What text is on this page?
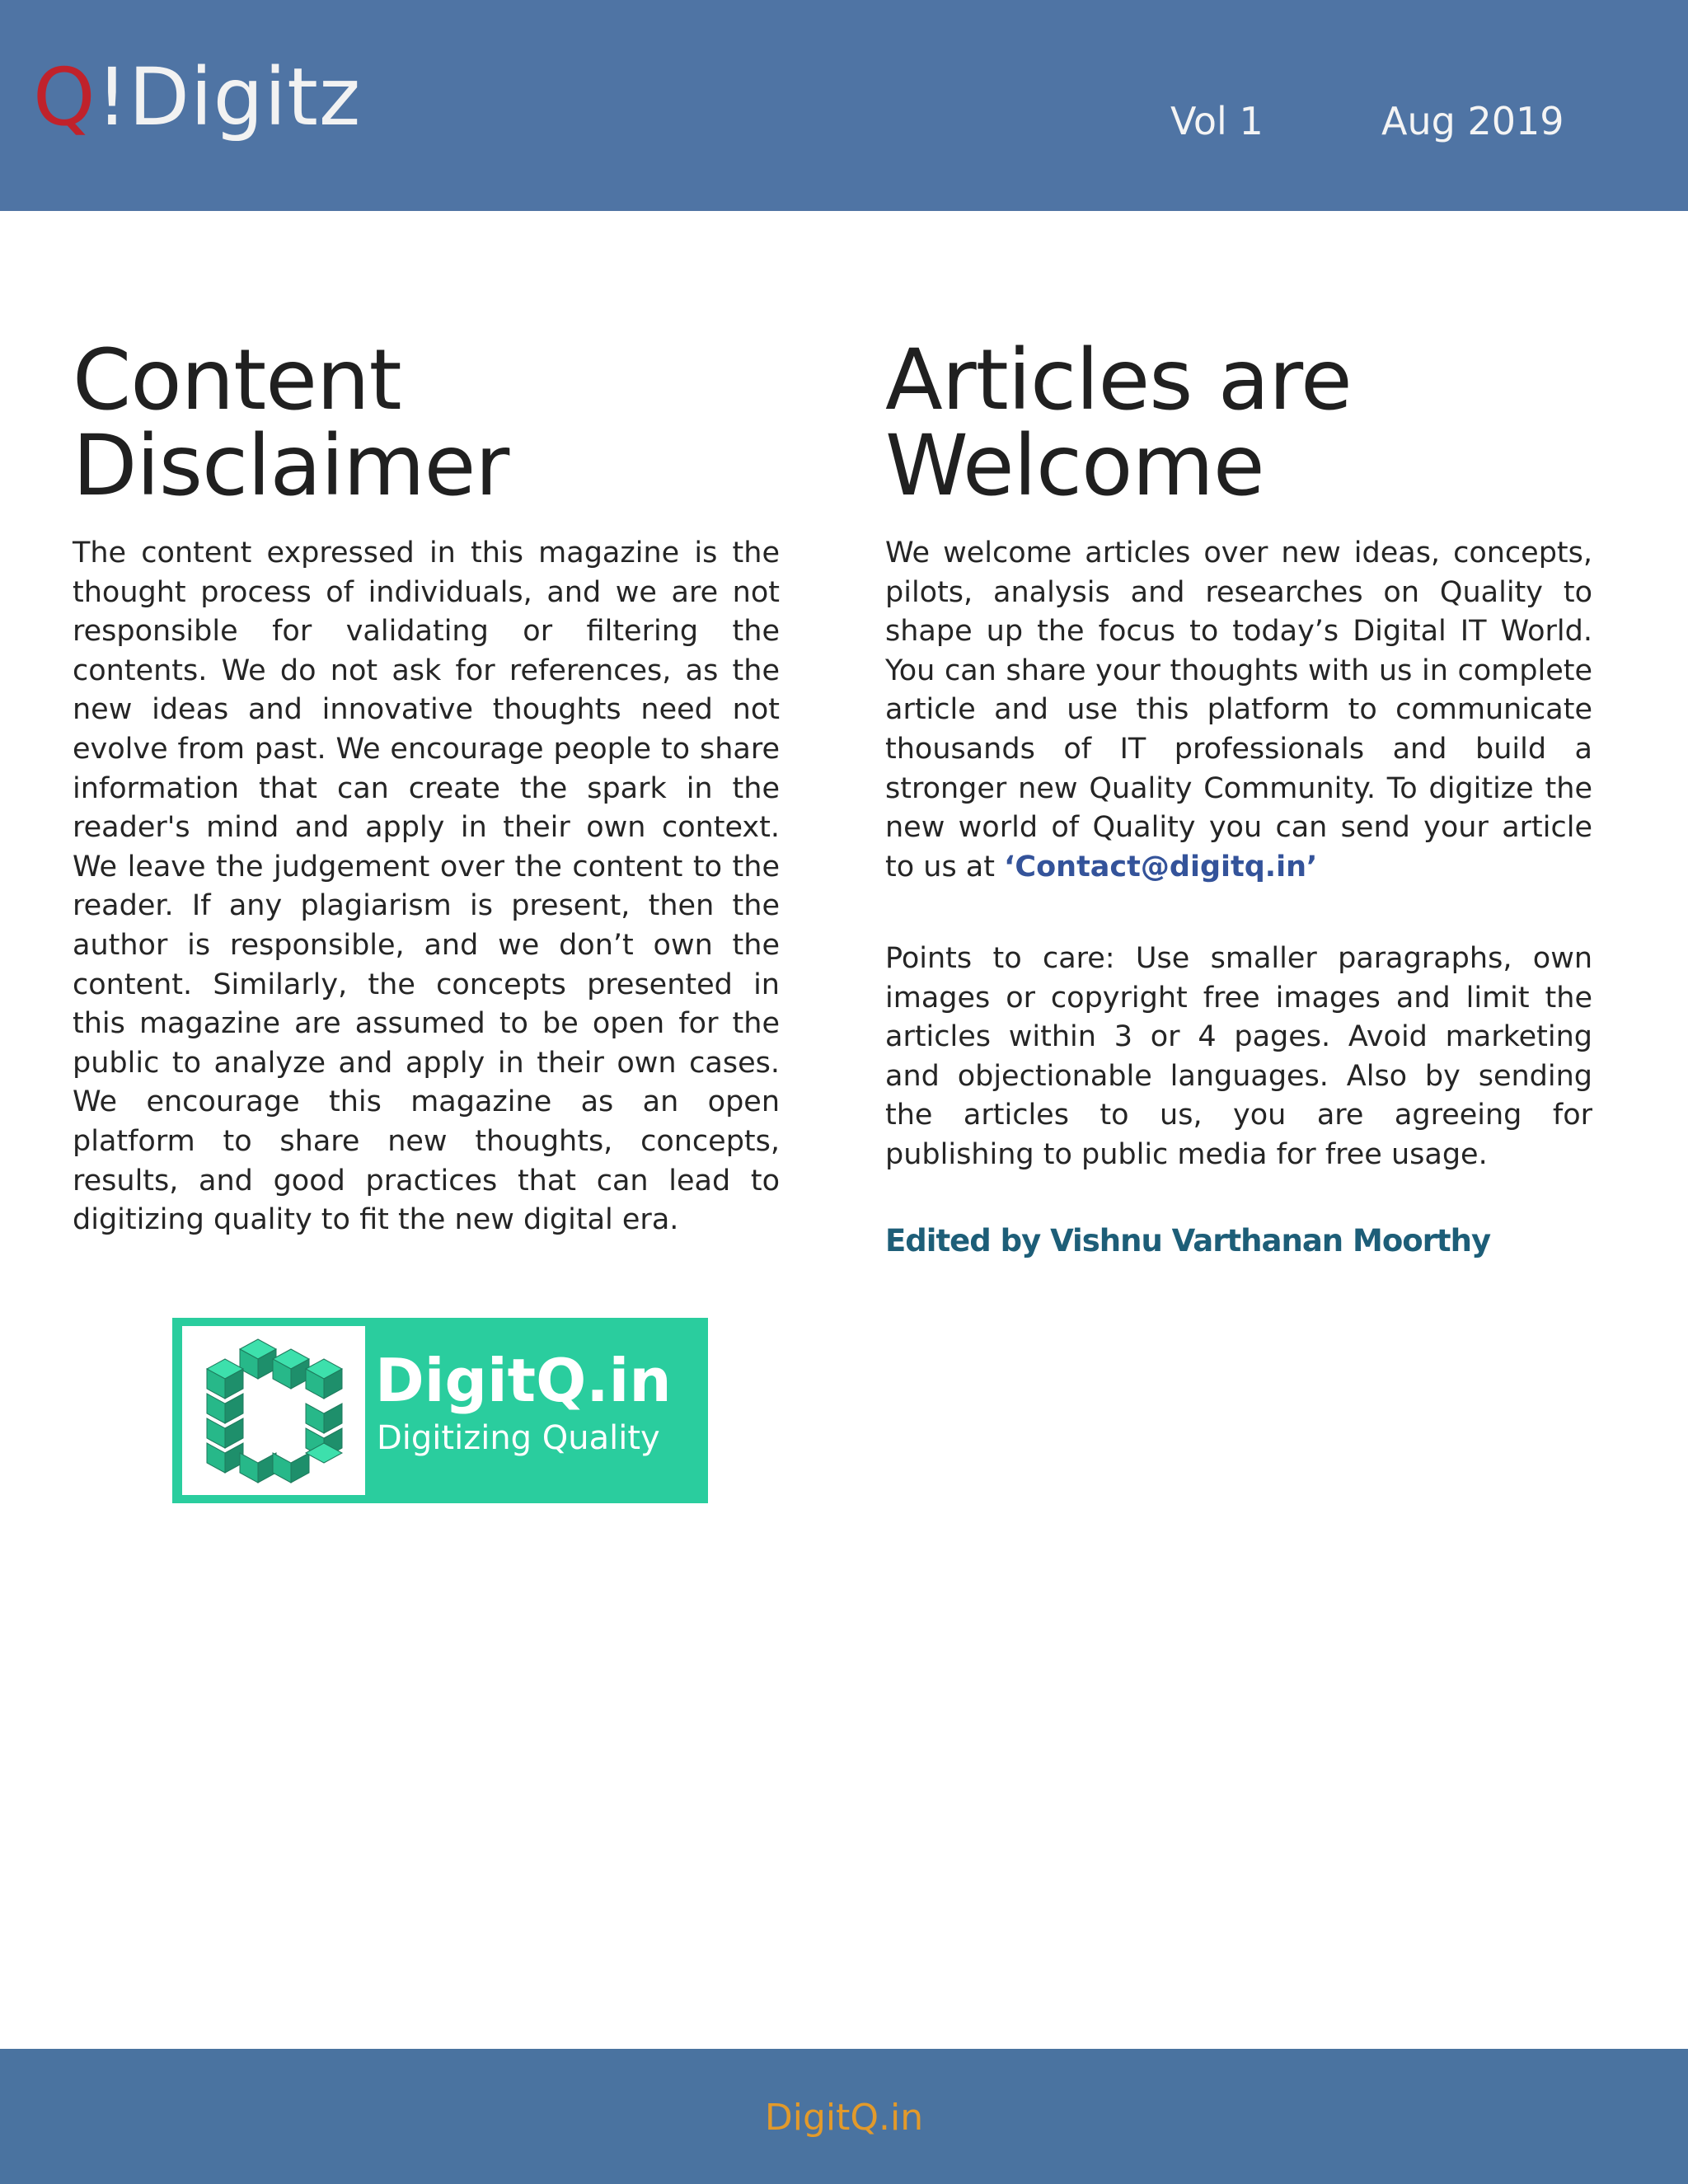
Q!Digitz	Vol 1	Aug 2019
Content
Disclaimer

The content expressed in this magazine is the thought process of individuals, and we are not responsible for validating or filtering the contents. We do not ask for references, as the new ideas and innovative thoughts need not evolve from past. We encourage people to share information that can create the spark in the reader's mind and apply in their own context. We leave the judgement over the content to the reader. If any plagiarism is present, then the author is responsible, and we don’t own the content. Similarly, the concepts presented in this magazine are assumed to be open for the public to analyze and apply in their own cases. We encourage this magazine as an open platform to share new thoughts, concepts, results, and good practices that can lead to digitizing quality to fit the new digital era.

Articles are
Welcome

We welcome articles over new ideas, concepts, pilots, analysis and researches on Quality to shape up the focus to today’s Digital IT World. You can share your thoughts with us in complete article and use this platform to communicate thousands of IT professionals and build a stronger new Quality Community. To digitize the new world of Quality you can send your article to us at ‘Contact@digitq.in’

Points to care: Use smaller paragraphs, own images or copyright free images and limit the articles within 3 or 4 pages. Avoid marketing and objectionable languages. Also by sending the articles to us, you are agreeing for publishing to public media for free usage.

Edited by Vishnu Varthanan Moorthy
DigitQ.in
Digitizing Quality
DigitQ.in
